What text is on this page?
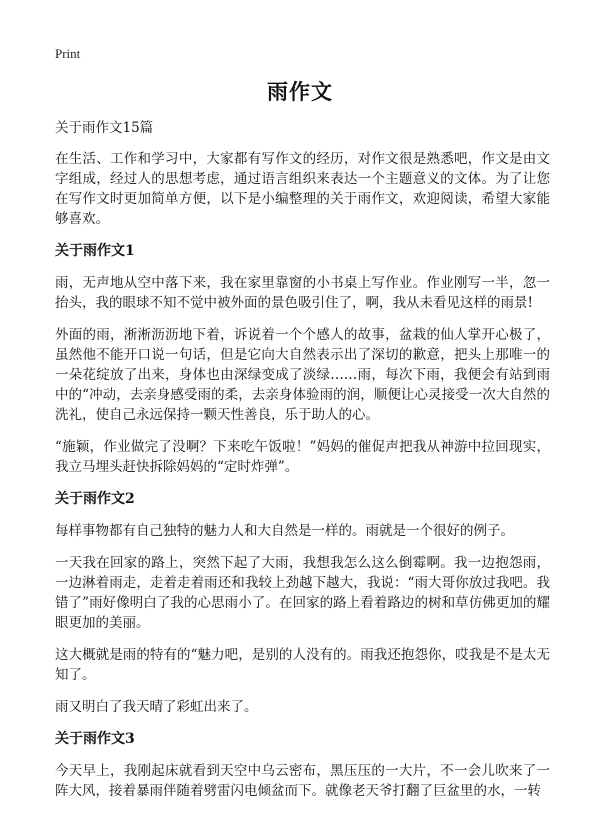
Print
雨作文
关于雨作文15篇

在生活、工作和学习中，大家都有写作文的经历，对作文很是熟悉吧，作文是由文字组成，经过人的思想考虑，通过语言组织来表达一个主题意义的文体。为了让您在写作文时更加简单方便，以下是小编整理的关于雨作文，欢迎阅读，希望大家能够喜欢。

关于雨作文1

雨，无声地从空中落下来，我在家里靠窗的小书桌上写作业。作业刚写一半，忽一抬头，我的眼球不知不觉中被外面的景色吸引住了，啊，我从未看见这样的雨景!

外面的雨，淅淅沥沥地下着，诉说着一个个感人的故事，盆栽的仙人掌开心极了，虽然他不能开口说一句话，但是它向大自然表示出了深切的歉意，把头上那唯一的一朵花绽放了出来，身体也由深绿变成了淡绿……雨，每次下雨，我便会有站到雨中的“冲动，去亲身感受雨的柔，去亲身体验雨的润，顺便让心灵接受一次大自然的洗礼，使自己永远保持一颗天性善良，乐于助人的心。

“施颖，作业做完了没啊？下来吃午饭啦！”妈妈的催促声把我从神游中拉回现实，我立马埋头赶快拆除妈妈的“定时炸弹”。

关于雨作文2

每样事物都有自己独特的魅力人和大自然是一样的。雨就是一个很好的例子。

一天我在回家的路上，突然下起了大雨，我想我怎么这么倒霉啊。我一边抱怨雨，一边淋着雨走，走着走着雨还和我较上劲越下越大，我说：“雨大哥你放过我吧。我错了”雨好像明白了我的心思雨小了。在回家的路上看着路边的树和草仿佛更加的耀眼更加的美丽。

这大概就是雨的特有的“魅力吧，是别的人没有的。雨我还抱怨你，哎我是不是太无知了。

雨又明白了我天晴了彩虹出来了。

关于雨作文3

今天早上，我刚起床就看到天空中乌云密布，黑压压的一大片，不一会儿吹来了一阵大风，接着暴雨伴随着劈雷闪电倾盆而下。就像老天爷打翻了巨盆里的水，一转
